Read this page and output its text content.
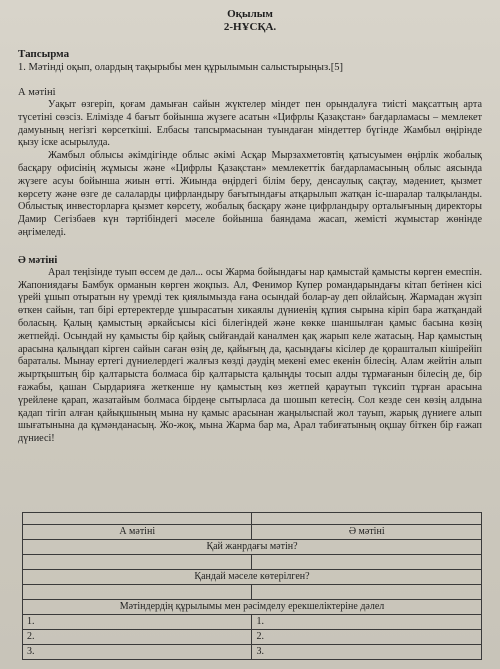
Оқылым
2-НҰСҚА.
Тапсырма
1. Мәтінді оқып, олардың тақырыбы мен құрылымын салыстырыңыз.[5]
А мәтіні

Уақыт өзгеріп, қоғам дамыған сайын жүктелер міндет пен орындалуға тиісті мақсаттың арта түсетіні сөзсіз. Елімізде 4 бағыт бойынша жүзеге асатын «Цифрлы Қазақстан» бағдарламасы – мемлекет дамуының негізгі көрсеткіші. Елбасы тапсырмасынан туындаған міндеттер бүгінде Жамбыл өңірінде қызу іске асырылуда.

Жамбыл облысы әкімдігінде облыс әкімі Асқар Мырзахметовтің қатысуымен өңірлік жобалық басқару офисінің жұмысы және «Цифрлы Қазақстан» мемлекеттік бағдарламасының облыс аясында жүзеге асуы бойынша жиын өтті. Жиында өңірдегі білім беру, денсаулық сақтау, мәдениет, қызмет көрсету және өзге де салаларды цифрландыру бағытындағы атқарылып жатқан іс-шаралар талқыланды. Облыстық инвесторларға қызмет көрсету, жобалық басқару және цифрландыру орталығының директоры Дамир Сегізбаев күн тәртібіндегі мәселе бойынша баяндама жасап, жемісті жұмыстар жөнінде әңгімеледі.

Ә мәтіні

Арал теңізінде туып өссем де дәл... осы Жарма бойындағы нар қамыстай қамысты көрген емеспін. Жапониядағы Бамбук орманын көрген жоқпыз. Ал, Фенимор Купер романдарындағы кітап бетінен кісі үрейі ұшып отыратын ну үремді тек қиялымызда ғана осындай болар-ау деп ойлайсың. Жармадан жүзіп өткен сайын, тап бірі ертеректерде ұшырасатын хикаялы дүниенің құпия сырына кіріп бара жатқандай боласың. Қалың қамыстың әркайсысы кісі білегіндей және көкке шаншылған қамыс басына көзің жетпейді. Осындай ну қамысты бір қайық сыйғандай каналмен қақ жарып келе жатасың. Нар қамыстың арасына қалыңдап кірген сайын саған өзің де, қайығың да, қасыңдағы кісілер де қорашталып кішірейіп бараталы. Мынау ертегі дүниелердегі жалғыз көзді дәудің мекені емес екенін білесің. Алам жейтін алып жыртқыштың бір қалтарыста болмаса бір қалтарыста қалыңды тосып алды тұрмағанын білесің де, бір ғажабы, қашан Сырдарияға жеткенше ну қамыстың көз жетпей қараутып түксиіп тұрған арасына үрейлене қарап, жазатайым болмаса бірдеңе сытырласа да шошып кетесің. Сол кезде сен көзің алдына қадап тігіп алған қайықшының мына ну қамыс арасынан жаңылыспай жол тауып, жарық дүниеге алып шығатынына да құмәнданасың. Жо-жоқ, мына Жарма бар ма, Арал табиғатының оқшау біткен бір ғажап дүниесі!

А мәтіні	Ә мәтіні
Қай жанрдағы мәтін?	

Қандай мәселе көтерілген?	

Мәтіндердің құрылымы мен рәсімделу ерекшеліктеріне дәлел	
1.	1.
2.	2.
3.	3.
